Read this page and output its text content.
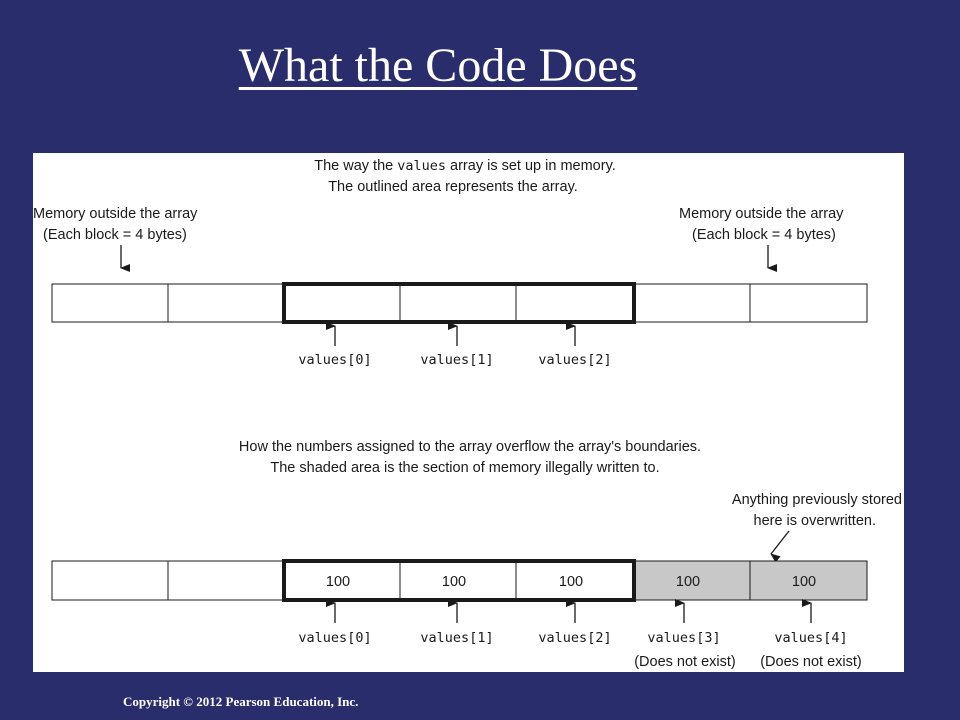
What the Code Does
The way the values array is set up in memory.
The outlined area represents the array.
Memory outside the array
(Each block = 4 bytes)
Memory outside the array
(Each block = 4 bytes)
values[0]	values[1]	values[2]
How the numbers assigned to the array overflow the array's boundaries.
The shaded area is the section of memory illegally written to.
Anything previously stored
here is overwritten.
100	100	100	100	100
values[0]	values[1]	values[2]	values[3]	values[4]
(Does not exist) (Does not exist)
Copyright © 2012 Pearson Education, Inc.
